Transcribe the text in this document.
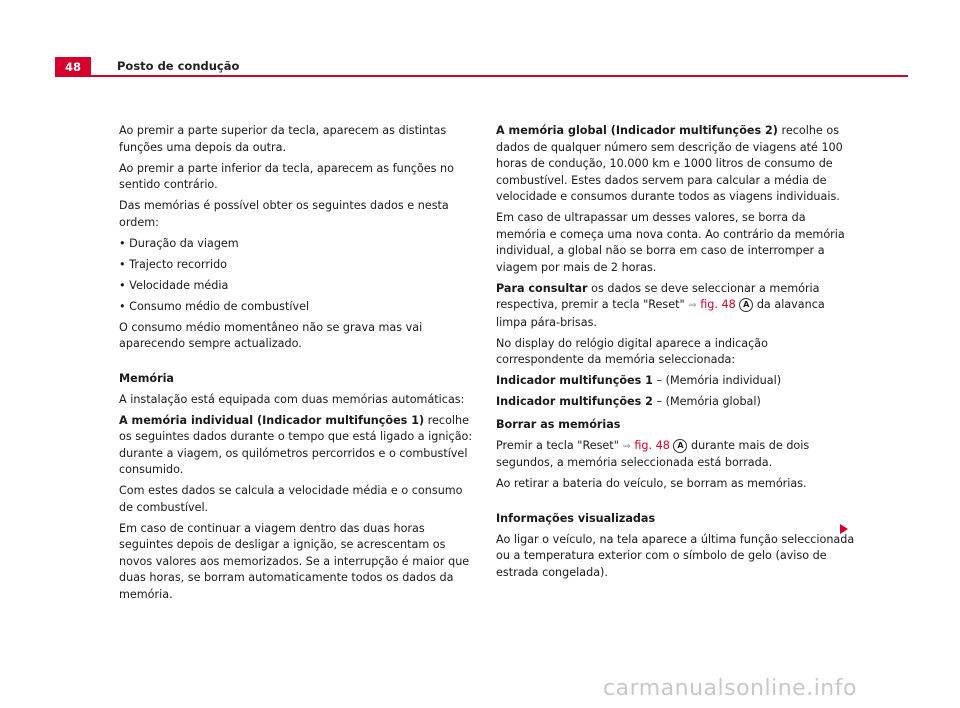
48	Posto de condução

Ao premir a parte superior da tecla, aparecem as distintas funções uma depois da outra.

Ao premir a parte inferior da tecla, aparecem as funções no sentido contrário.

Das memórias é possível obter os seguintes dados e nesta ordem:

• Duração da viagem

• Trajecto recorrido

• Velocidade média

• Consumo médio de combustível

O consumo médio momentâneo não se grava mas vai aparecendo sempre actualizado.

Memória

A instalação está equipada com duas memórias automáticas:

A memória individual (Indicador multifunções 1) recolhe os seguintes dados durante o tempo que está ligado a ignição: durante a viagem, os quilómetros percorridos e o combustível consumido.

Com estes dados se calcula a velocidade média e o consumo de combustível.

Em caso de continuar a viagem dentro das duas horas seguintes depois de desligar a ignição, se acrescentam os novos valores aos memorizados. Se a interrupção é maior que duas horas, se borram automaticamente todos os dados da memória.

A memória global (Indicador multifunções 2) recolhe os dados de qualquer número sem descrição de viagens até 100 horas de condução, 10.000 km e 1000 litros de consumo de combustível. Estes dados servem para calcular a média de velocidade e consumos durante todos as viagens individuais.

Em caso de ultrapassar um desses valores, se borra da memória e começa uma nova conta. Ao contrário da memória individual, a global não se borra em caso de interromper a viagem por mais de 2 horas.

Para consultar os dados se deve seleccionar a memória respectiva, premir a tecla "Reset" ⇒ fig. 48 A da alavanca limpa pára-brisas.

No display do relógio digital aparece a indicação correspondente da memória seleccionada:

Indicador multifunções 1 – (Memória individual)

Indicador multifunções 2 – (Memória global)

Borrar as memórias

Premir a tecla "Reset" ⇒ fig. 48 A durante mais de dois segundos, a memória seleccionada está borrada.

Ao retirar a bateria do veículo, se borram as memórias.

Informações visualizadas

Ao ligar o veículo, na tela aparece a última função seleccionada ou a temperatura exterior com o símbolo de gelo (aviso de estrada congelada).

carmanualsonline.info
